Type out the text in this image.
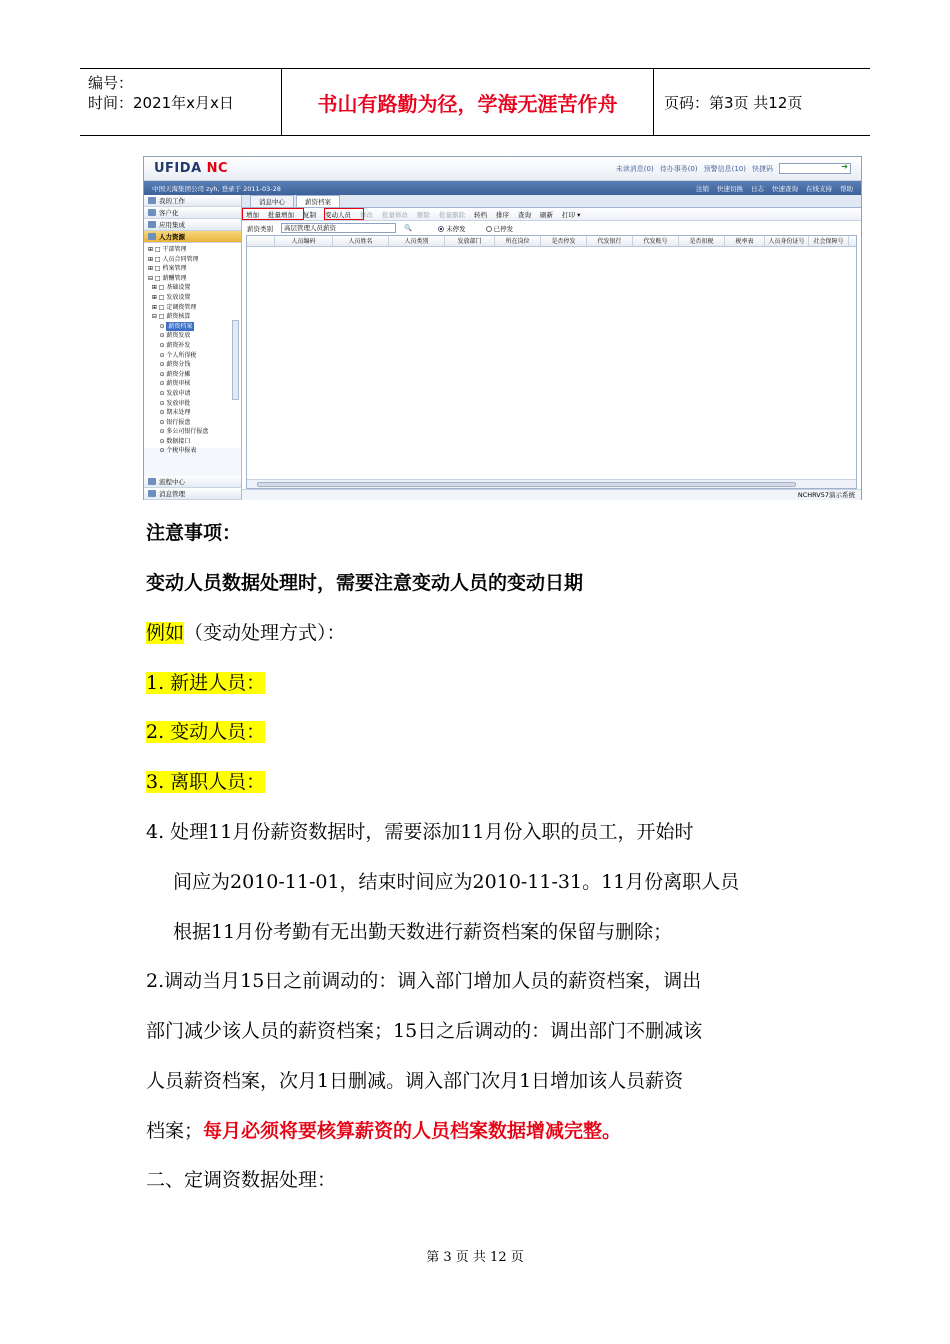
编号：
时间：2021年x月x日	书山有路勤为径，学海无涯苦作舟	页码：第3页 共12页
UFIDA NC	未读消息(0) 待办事务(0) 预警信息(10) 快捷码
➜
中国天海集团公司 zyh, 登录于 2011-03-28	注销 快速切换 日志 快速查询 在线支持 帮助
我的工作
客户化
应用集成
人力资源
⊞ □ 干部管理
⊞ □ 人员合同管理
⊞ □ 档案管理
⊟ □ 薪酬管理
⊞ □ 基础设置
⊞ □ 发放设置
⊞ □ 定调资管理
⊟ □ 薪资核算
⊙ 薪资档案
⊙ 薪资发放
⊙ 薪资补发
⊙ 个人所得税
⊙ 薪资分钱
⊙ 薪资分摊
⊙ 薪资审核
⊙ 发放申请
⊙ 发放审批
⊙ 期末处理
⊙ 银行报盘
⊙ 多公司银行报盘
⊙ 数据接口
⊙ 个税申报表
流程中心
消息管理
消息中心	薪资档案
增加 批量增加 复制 变动人员 修改 批量修改 删除 批量删除 转档 排序 查询 刷新 打印 ▾
薪资类别	高层管理人员薪资	🔍	未停发	已停发
人员编码	人员姓名	人员类别	发放部门	所在岗位	是否停发	代发银行	代发账号	是否扣税	税率表	人员身份证号	社会保障号
NCHRV57演示系统
注意事项：
变动人员数据处理时，需要注意变动人员的变动日期
例如（变动处理方式）：
1. 新进人员：
2. 变动人员：
3. 离职人员：
4. 处理11月份薪资数据时，需要添加11月份入职的员工，开始时
间应为2010-11-01，结束时间应为2010-11-31。11月份离职人员
根据11月份考勤有无出勤天数进行薪资档案的保留与删除；
2.调动当月15日之前调动的：调入部门增加人员的薪资档案，调出
部门减少该人员的薪资档案；15日之后调动的：调出部门不删减该
人员薪资档案，次月1日删减。调入部门次月1日增加该人员薪资
档案；每月必须将要核算薪资的人员档案数据增减完整。
二、定调资数据处理：
第 3 页 共 12 页
